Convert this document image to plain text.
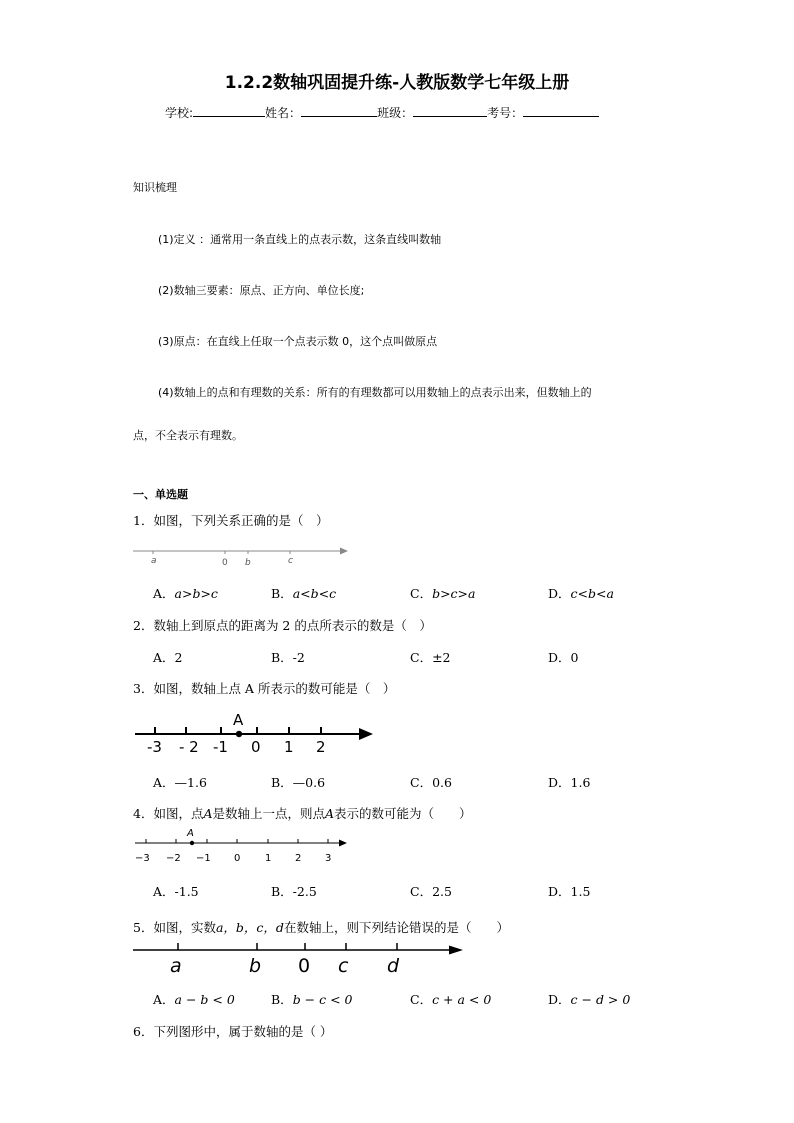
1.2.2数轴巩固提升练-人教版数学七年级上册
学校:	姓名：	班级：	考号：
知识梳理
(1)定义 ：通常用一条直线上的点表示数，这条直线叫数轴
(2)数轴三要素：原点、正方向、单位长度;
(3)原点：在直线上任取一个点表示数 0，这个点叫做原点
(4)数轴上的点和有理数的关系：所有的有理数都可以用数轴上的点表示出来，但数轴上的
点，不全表示有理数。
一、单选题
1．如图，下列关系正确的是（　）
a	0 b	c
A．a>b>c	B．a<b<c	C．b>c>a	D．c<b<a
2．数轴上到原点的距离为 2 的点所表示的数是（　）
A．2	B．-2	C．±2	D．0
3．如图，数轴上点 A 所表示的数可能是（　）
A
-3 - 2 -1 0 1 2
A．—1.6	B．—0.6	C．0.6	D．1.6
4．如图，点A是数轴上一点，则点A表示的数可能为（　　）
A
−3 −2 −1 0 1 2 3
A．-1.5	B．-2.5	C．2.5	D．1.5
5．如图，实数a，b，c，d在数轴上，则下列结论错误的是（　　）
a	b 0 c d
A．a − b < 0	B．b − c < 0	C．c + a < 0	D．c − d > 0
6．下列图形中，属于数轴的是（ ）
